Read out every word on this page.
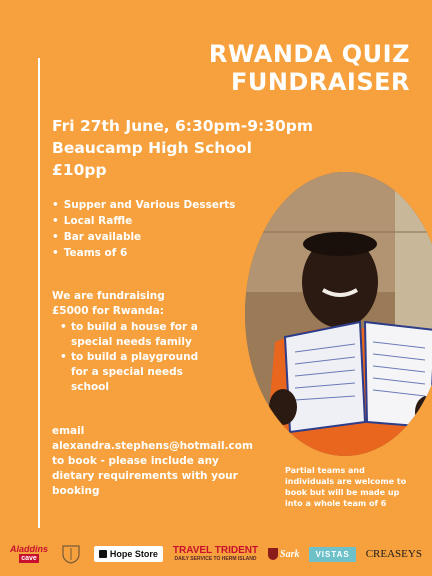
RWANDA QUIZ
FUNDRAISER
Fri 27th June, 6:30pm-9:30pm
Beaucamp High School
£10pp
• Supper and Various Desserts
• Local Raffle
• Bar available
• Teams of 6
We are fundraising
£5000 for Rwanda:
• to build a house for a
special needs family
• to build a playground
for a special needs
school
email
alexandra.stephens@hotmail.com
to book - please include any
dietary requirements with your
booking
Partial teams and
individuals are welcome to
book but will be made up
into a whole team of 6
Aladdins
cave	Hope Store TRAVEL TRIDENT
DAILY SERVICE TO HERM ISLAND Sark VISTAS CREASEYS
